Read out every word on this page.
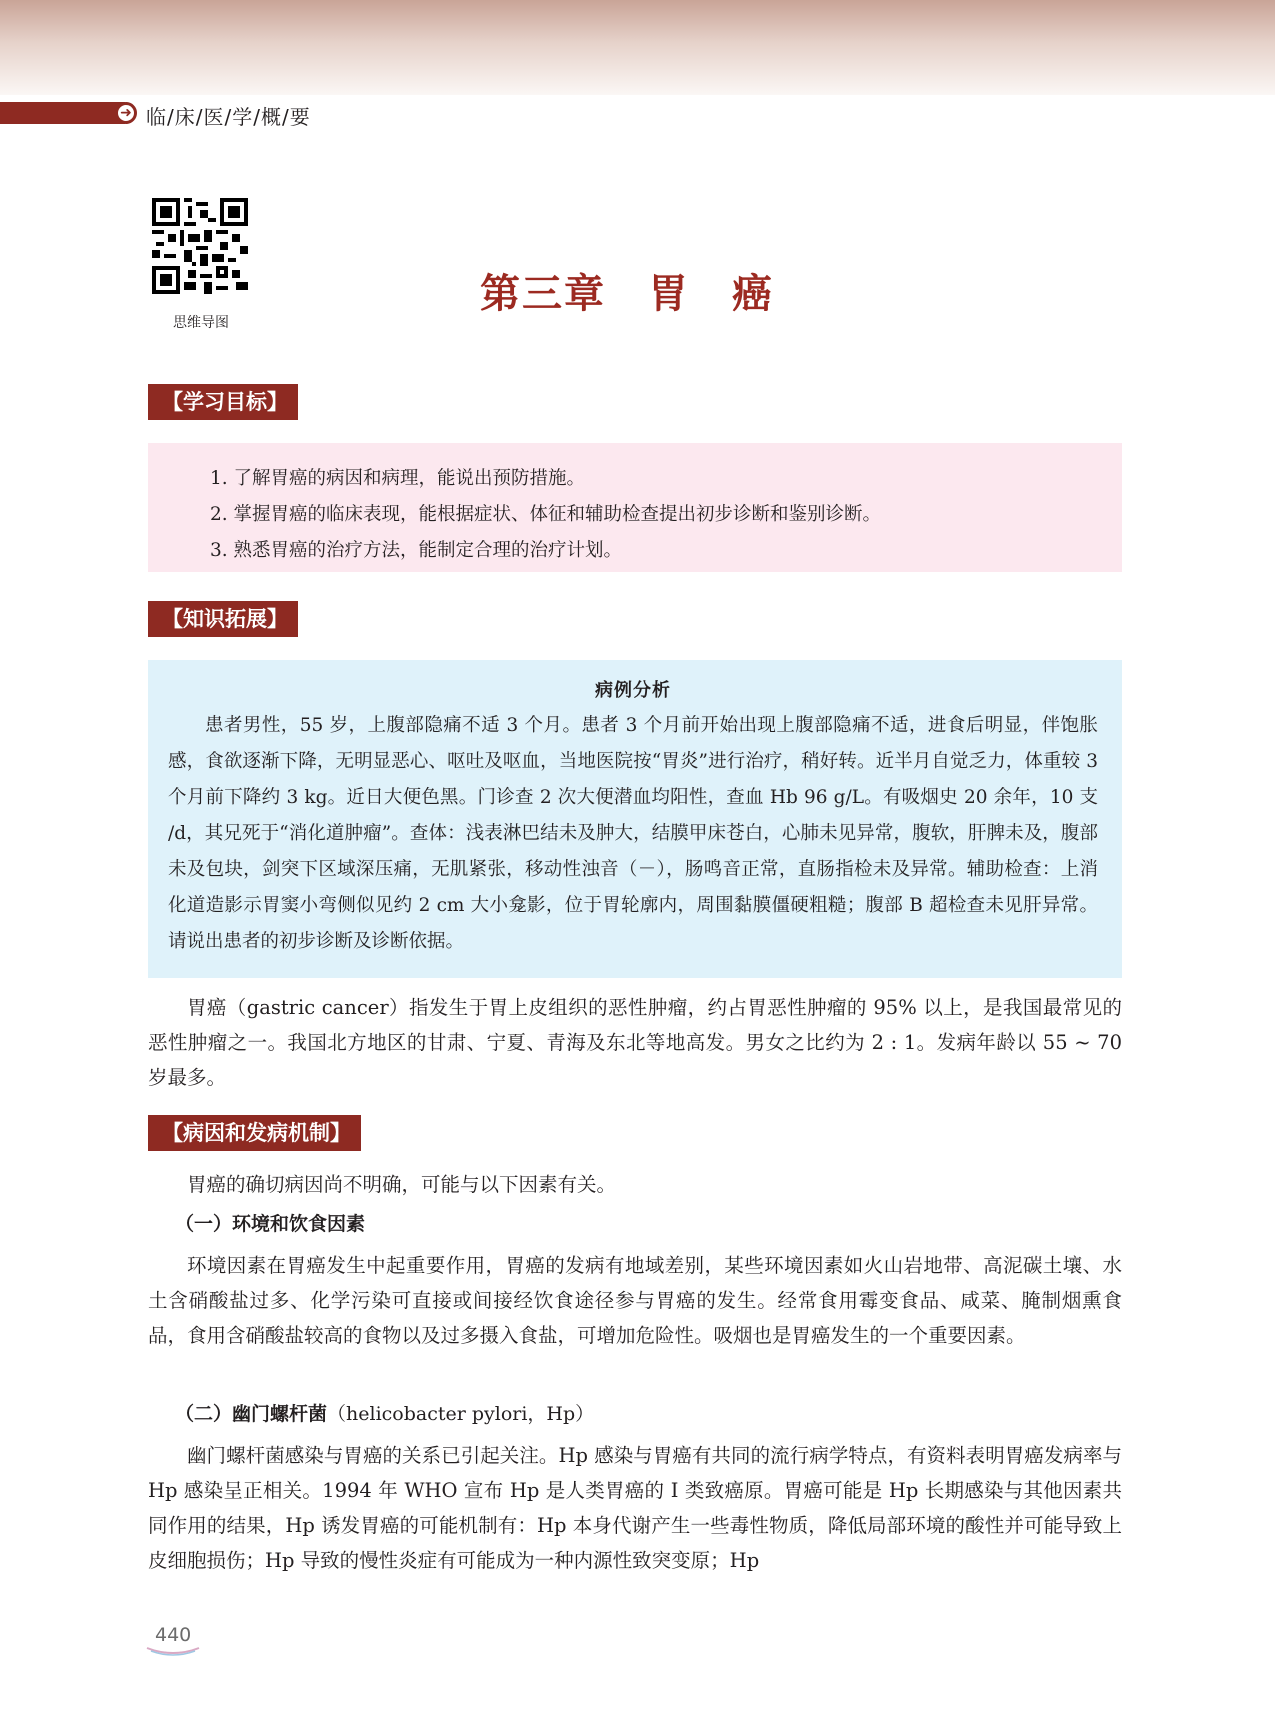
➜ 临/床/医/学/概/要
思维导图
第三章　胃　癌
【学习目标】
1. 了解胃癌的病因和病理，能说出预防措施。
2. 掌握胃癌的临床表现，能根据症状、体征和辅助检查提出初步诊断和鉴别诊断。
3. 熟悉胃癌的治疗方法，能制定合理的治疗计划。
【知识拓展】
病例分析

患者男性，55 岁，上腹部隐痛不适 3 个月。患者 3 个月前开始出现上腹部隐痛不适，进食后明显，伴饱胀感，食欲逐渐下降，无明显恶心、呕吐及呕血，当地医院按“胃炎”进行治疗，稍好转。近半月自觉乏力，体重较 3 个月前下降约 3 kg。近日大便色黑。门诊查 2 次大便潜血均阳性，查血 Hb 96 g/L。有吸烟史 20 余年，10 支 /d，其兄死于“消化道肿瘤”。查体：浅表淋巴结未及肿大，结膜甲床苍白，心肺未见异常，腹软，肝脾未及，腹部未及包块，剑突下区域深压痛，无肌紧张，移动性浊音（－），肠鸣音正常，直肠指检未及异常。辅助检查：上消化道造影示胃窦小弯侧似见约 2 cm 大小龛影，位于胃轮廓内，周围黏膜僵硬粗糙；腹部 B 超检查未见肝异常。请说出患者的初步诊断及诊断依据。

胃癌（gastric cancer）指发生于胃上皮组织的恶性肿瘤，约占胃恶性肿瘤的 95% 以上，是我国最常见的恶性肿瘤之一。我国北方地区的甘肃、宁夏、青海及东北等地高发。男女之比约为 2 : 1。发病年龄以 55 ~ 70 岁最多。

【病因和发病机制】

胃癌的确切病因尚不明确，可能与以下因素有关。

（一）环境和饮食因素

环境因素在胃癌发生中起重要作用，胃癌的发病有地域差别，某些环境因素如火山岩地带、高泥碳土壤、水土含硝酸盐过多、化学污染可直接或间接经饮食途径参与胃癌的发生。经常食用霉变食品、咸菜、腌制烟熏食品，食用含硝酸盐较高的食物以及过多摄入食盐，可增加危险性。吸烟也是胃癌发生的一个重要因素。

（二）幽门螺杆菌（helicobacter pylori，Hp）

幽门螺杆菌感染与胃癌的关系已引起关注。Hp 感染与胃癌有共同的流行病学特点，有资料表明胃癌发病率与 Hp 感染呈正相关。1994 年 WHO 宣布 Hp 是人类胃癌的 I 类致癌原。胃癌可能是 Hp 长期感染与其他因素共同作用的结果，Hp 诱发胃癌的可能机制有：Hp 本身代谢产生一些毒性物质，降低局部环境的酸性并可能导致上皮细胞损伤；Hp 导致的慢性炎症有可能成为一种内源性致突变原；Hp

440
